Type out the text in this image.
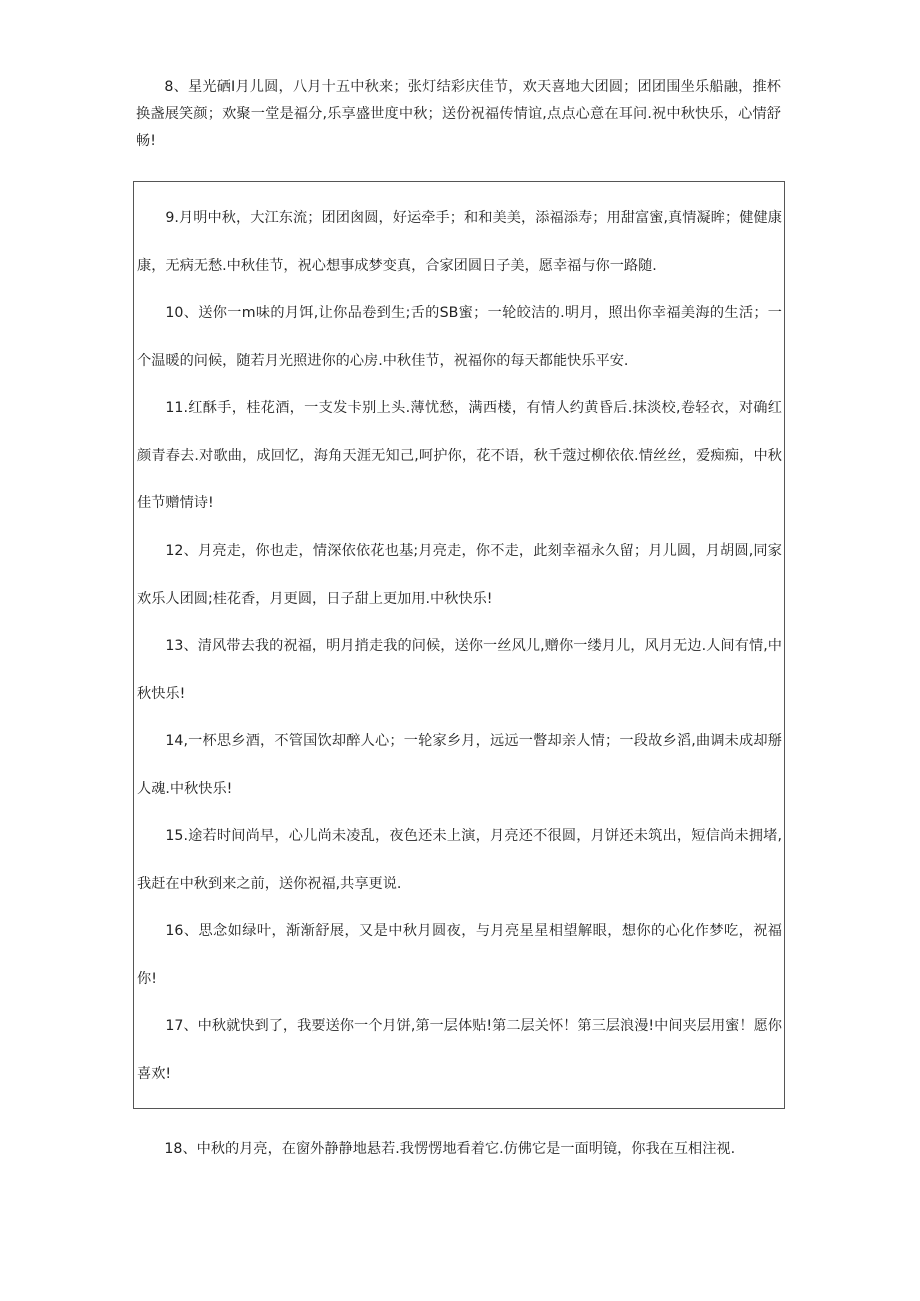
8、星光硒I月儿圆，八月十五中秋来；张灯结彩庆佳节，欢天喜地大团圆；团团围坐乐船融，推杯换盏展笑颜；欢聚一堂是福分,乐享盛世度中秋；送份祝福传情谊,点点心意在耳问.祝中秋快乐，心情舒畅!

9.月明中秋，大江东流；团团囪圆，好运牵手；和和美美，添福添寿；用甜富蜜,真情凝眸；健健康康，无病无愁.中秋佳节，祝心想事成梦变真，合家团圆日子美，愿幸福与你一路随.

10、送你一m味的月饵,让你品卷到生;舌的SB蜜；一轮皎洁的.明月，照出你幸福美海的生活；一个温暖的问候，随若月光照进你的心房.中秋佳节，祝福你的每天都能快乐平安.

11.红酥手，桂花酒，一支发卡别上头.薄忧愁，满西楼，有情人约黄昏后.抹淡校,卷轻衣，对确红颜青春去.对歌曲，成回忆，海角天涯无知己,呵护你，花不语，秋千蔻过柳依依.情丝丝，爱痴痴，中秋佳节赠情诗!

12、月亮走，你也走，情深依依花也基;月亮走，你不走，此刻幸福永久留；月儿圆，月胡圆,同家欢乐人团圆;桂花香，月更圆，日子甜上更加用.中秋快乐!

13、清风带去我的祝福，明月捎走我的问候，送你一丝风儿,赠你一缕月儿，风月无边.人间有情,中秋快乐!

14,一杯思乡酒，不管国饮却醉人心；一轮家乡月，远远一瞥却亲人情；一段故乡滔,曲调未成却掰人魂.中秋快乐!

15.途若时间尚早，心儿尚未凌乱，夜色还未上演，月亮还不很圆，月饼还未筑出，短信尚未拥堵,我赶在中秋到来之前，送你祝福,共享更说.

16、思念如绿叶，渐渐舒展，又是中秋月圆夜，与月亮星星相望解眼，想你的心化作梦吃，祝福你!

17、中秋就快到了，我要送你一个月饼,第一层体贴!第二层关怀！第三层浪漫!中间夹层用蜜！愿你喜欢!

18、中秋的月亮，在窗外静静地悬若.我愣愣地看着它.仿佛它是一面明镜，你我在互相注视.
